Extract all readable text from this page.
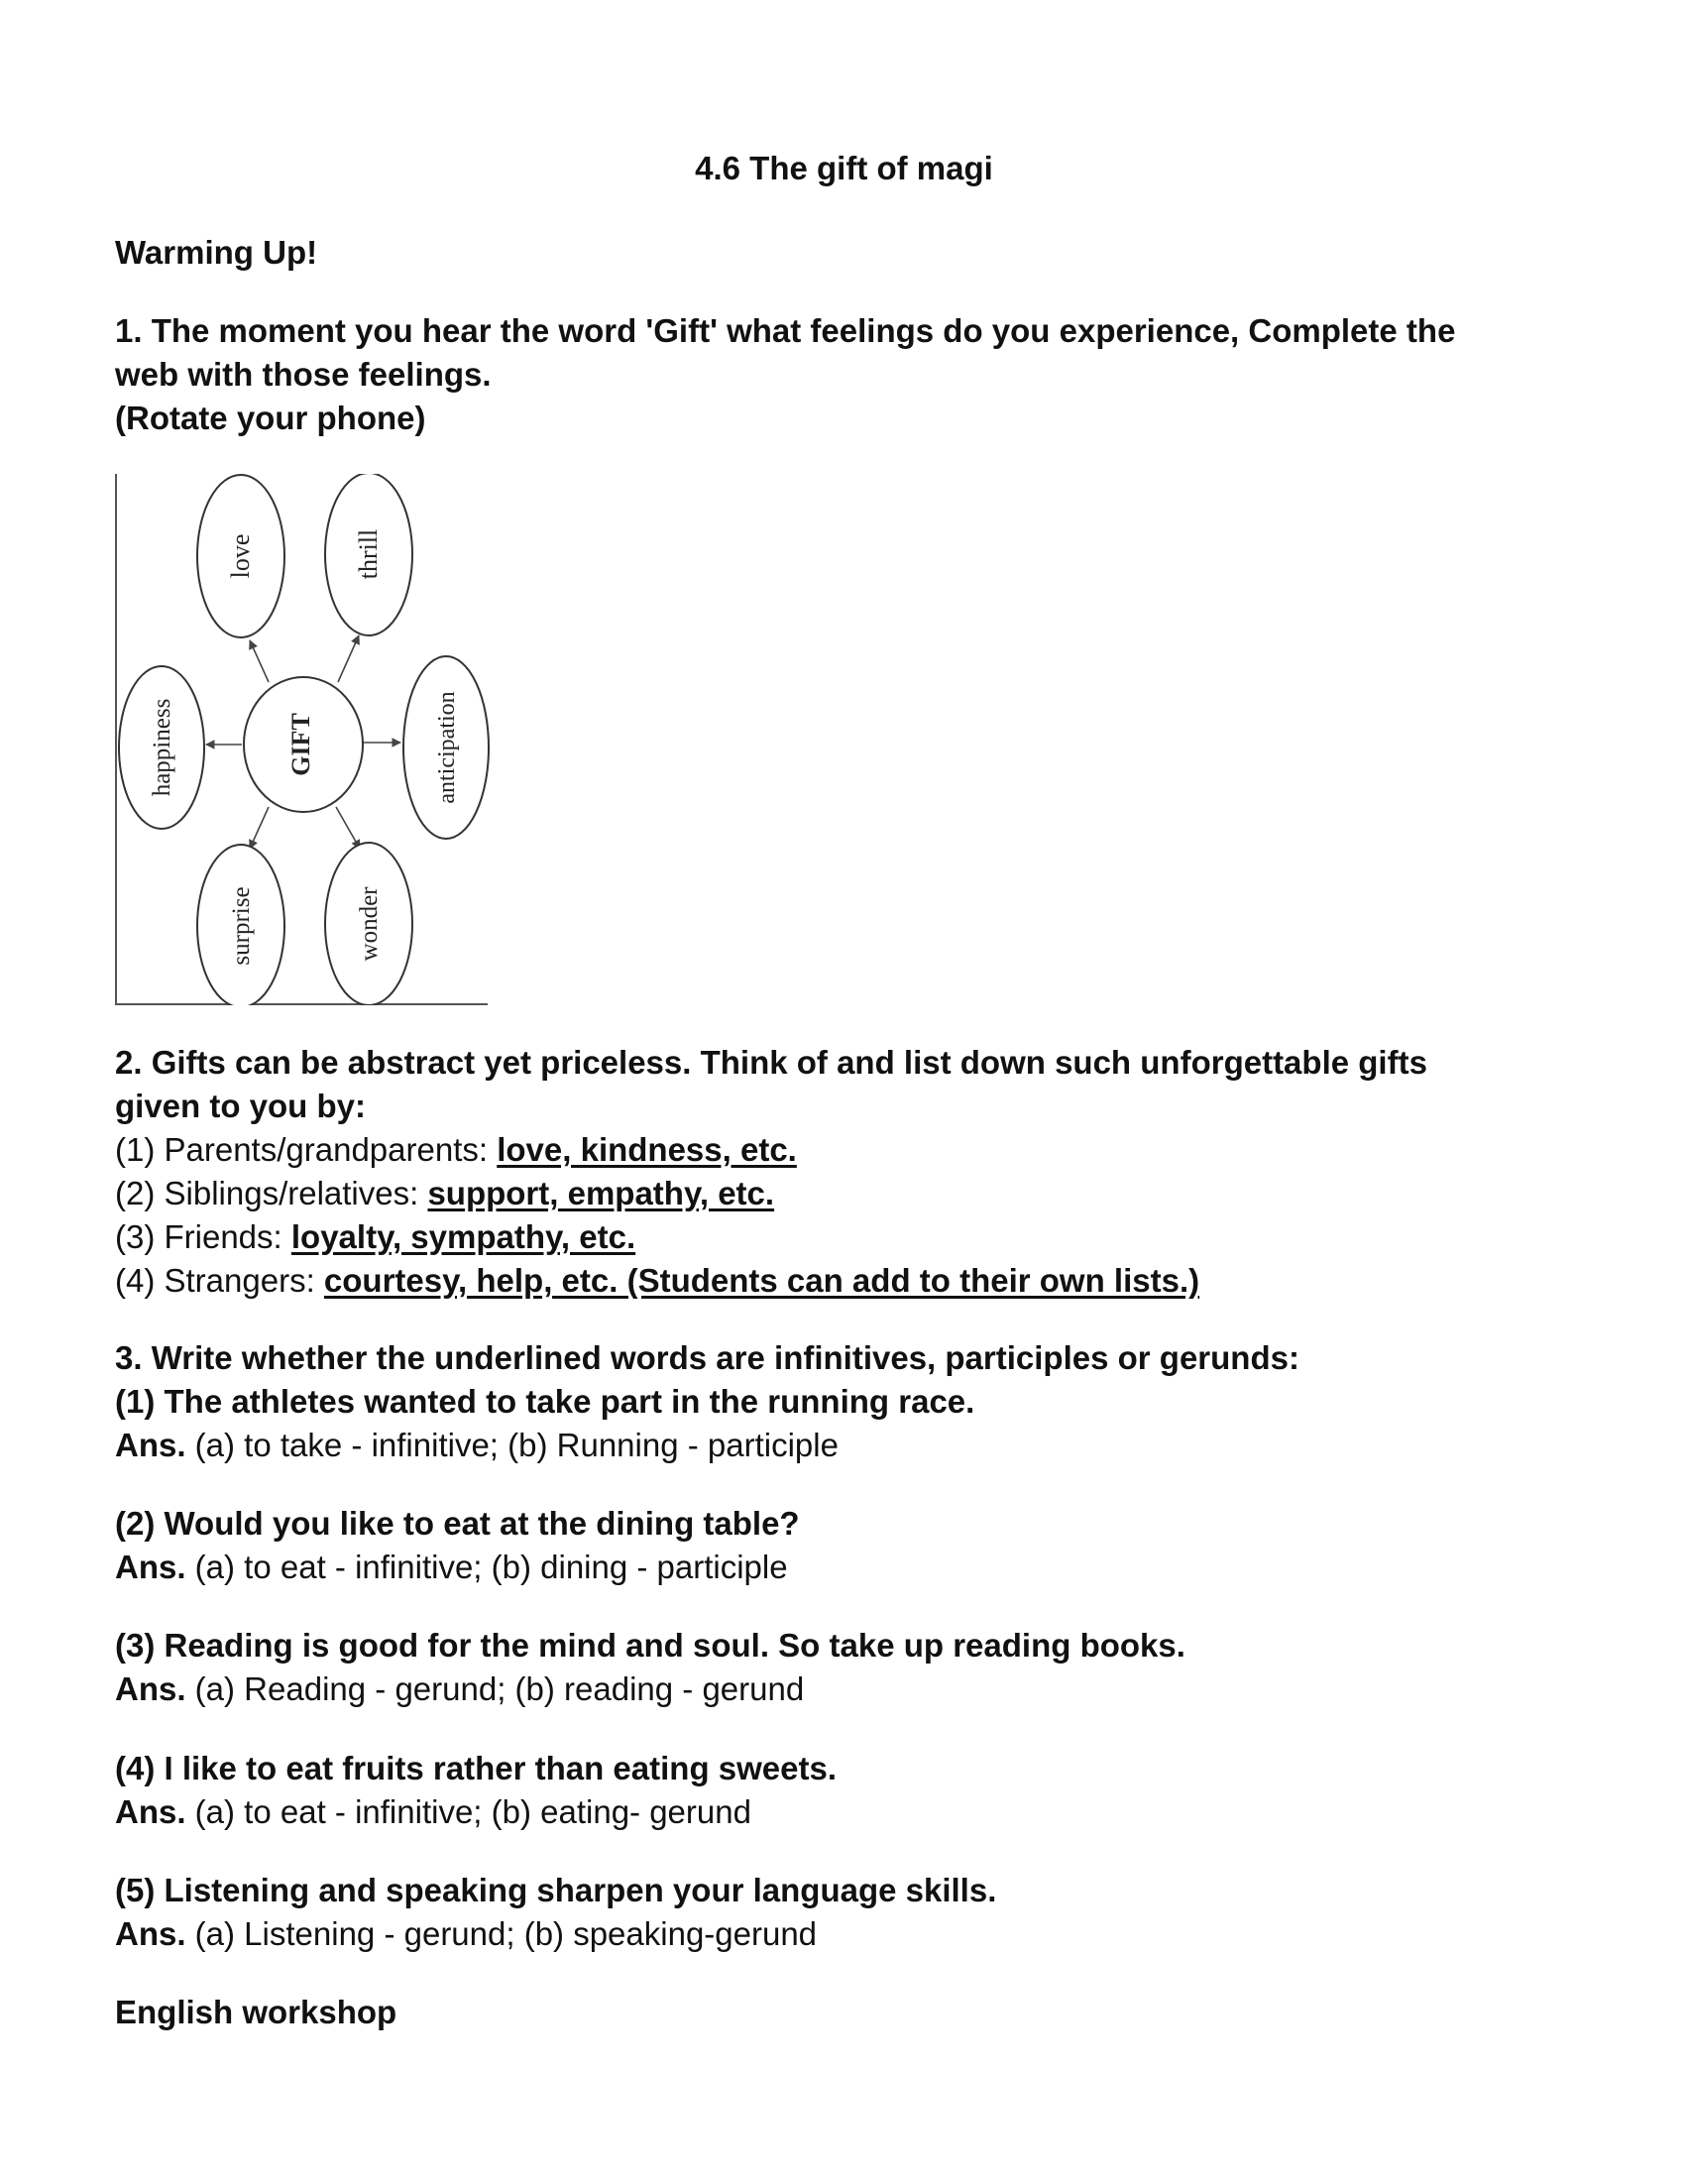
4.6 The gift of magi
Warming Up!
1. The moment you hear the word 'Gift' what feelings do you experience, Complete the
web with those feelings.
(Rotate your phone)
GIFT
love	thrill
happiness	anticipation
surprise	wonder
2. Gifts can be abstract yet priceless. Think of and list down such unforgettable gifts
given to you by:
(1) Parents/grandparents: love, kindness, etc.
(2) Siblings/relatives: support, empathy, etc.
(3) Friends: loyalty, sympathy, etc.
(4) Strangers: courtesy, help, etc. (Students can add to their own lists.)
3. Write whether the underlined words are infinitives, participles or gerunds:
(1) The athletes wanted to take part in the running race.
Ans. (a) to take - infinitive; (b) Running - participle
(2) Would you like to eat at the dining table?
Ans. (a) to eat - infinitive; (b) dining - participle
(3) Reading is good for the mind and soul. So take up reading books.
Ans. (a) Reading - gerund; (b) reading - gerund
(4) I like to eat fruits rather than eating sweets.
Ans. (a) to eat - infinitive; (b) eating- gerund
(5) Listening and speaking sharpen your language skills.
Ans. (a) Listening - gerund; (b) speaking-gerund
English workshop
